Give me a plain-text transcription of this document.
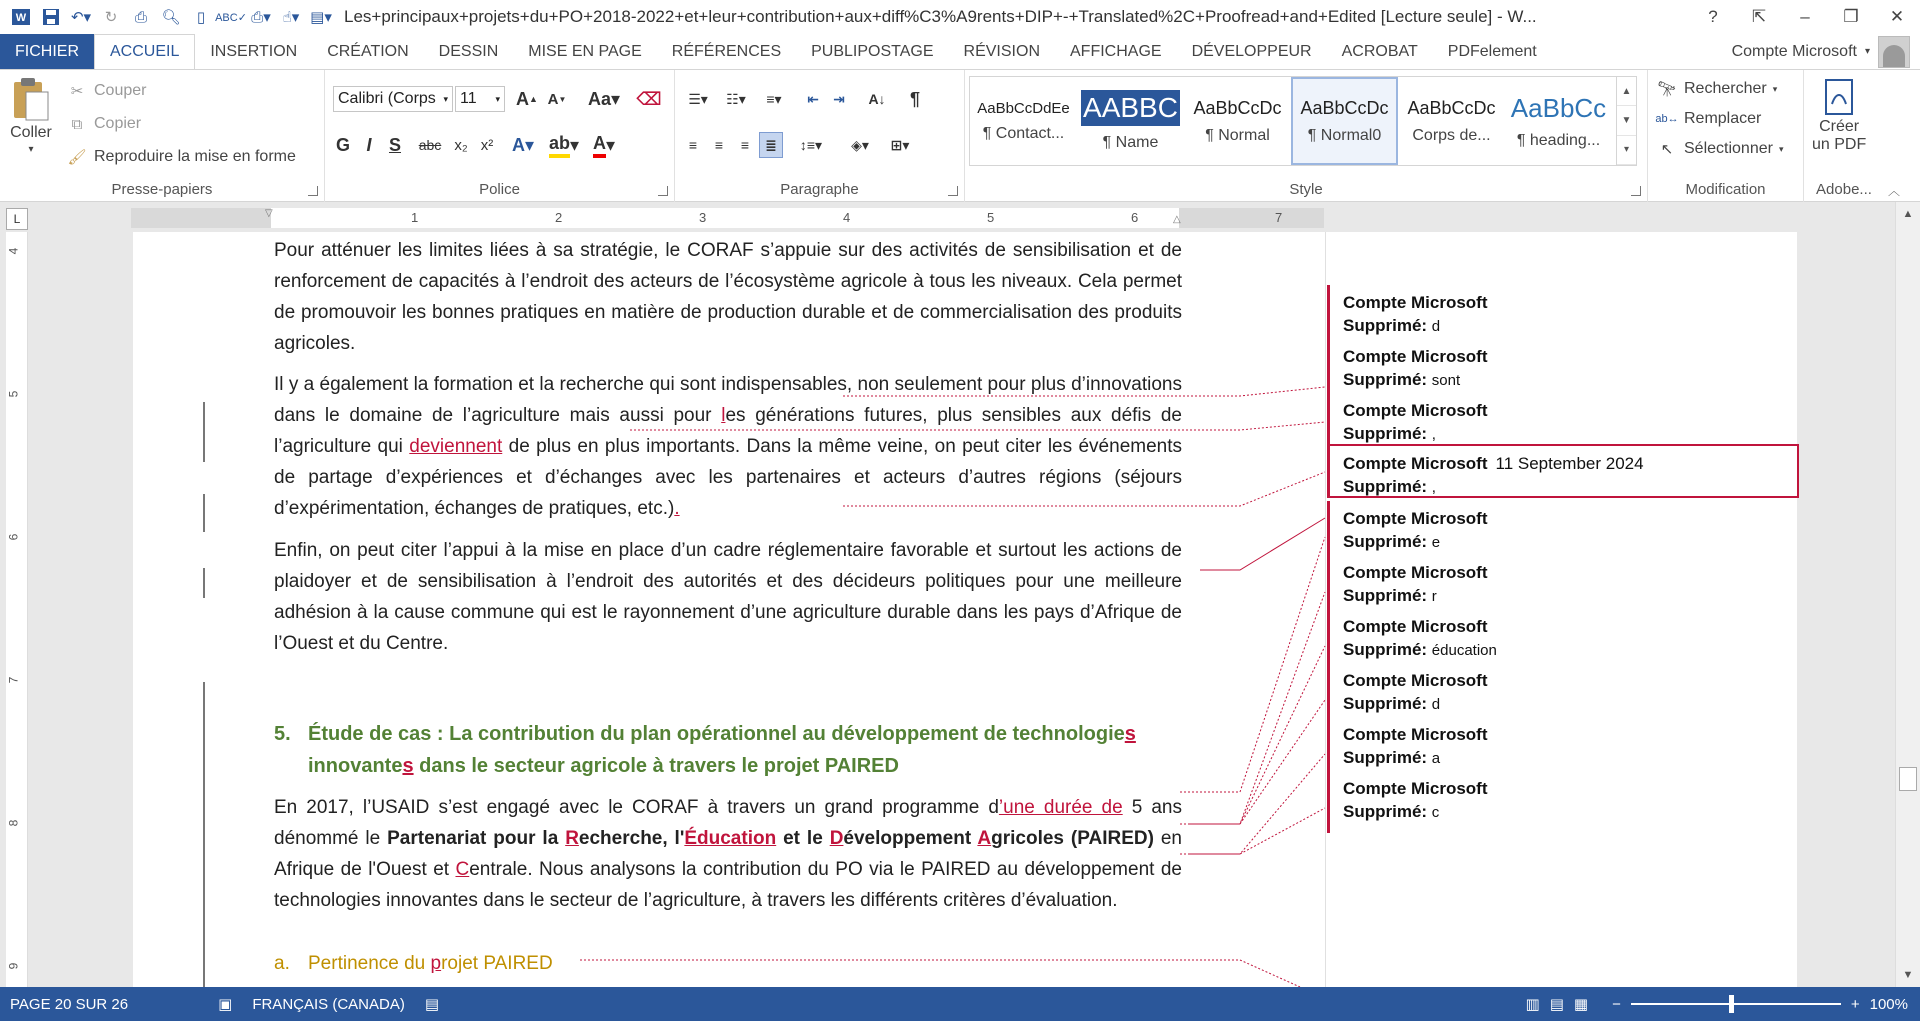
W	↶▾ ↻	⎙ 🔍︎	▯ ABC✓ ⎙▾ ☝▾ ▤▾ Les+principaux+projets+du+PO+2018-2022+et+leur+contribution+aux+diff%C3%A9rents+DIP+-+Translated%2C+Proofread+and+Edited [Lecture seule] - W...	?	⇱	–	❐	✕
FICHIER	ACCUEIL	INSERTION	CRÉATION	DESSIN	MISE EN PAGE	RÉFÉRENCES	PUBLIPOSTAGE	RÉVISION	AFFICHAGE	DÉVELOPPEUR	ACROBAT	PDFelement	Compte Microsoft ▾
Coller
▾
✂ Couper
⧉ Copier
🖌︎ Reproduire la mise en forme
Presse-papiers
Calibri (Corps ▾ 11 ▾ A ▲ A ▼ Aa▾ ⌫
G I S	abc x₂ x²	A▾ ab ▾ A ▾
Police
☰▾	☷▾	≡▾	⇤	⇥	A↓	¶
≡	≡	≡	≣	↕≡▾	◈▾	⊞▾
Paragraphe
AaBbCcDdEe
¶ Contact...
AABBC
¶ Name
AaBbCcDc
¶ Normal
AaBbCcDc
¶ Normal0
AaBbCcDc
Corps de...
AaBbCc
¶ heading...
▲
▼
▾
Style
🔭︎ Rechercher ▾
ab↔ Remplacer
↖ Sélectionner ▾
Modification
Créer
un PDF
Adobe...	︿
L	1	2	3	4	5	6	7
▽
△
4
5
6
7
8
9

Pour atténuer les limites liées à sa stratégie, le CORAF s’appuie sur des activités de sensibilisation et de renforcement de capacités à l’endroit des acteurs de l’écosystème agricole à tous les niveaux. Cela permet de promouvoir les bonnes pratiques en matière de production durable et de commercialisation des produits agricoles.

Il y a également la formation et la recherche qui sont indispensables, non seulement pour plus d’innovations dans le domaine de l’agriculture mais aussi pour les générations futures, plus sensibles aux défis de l’agriculture qui deviennent de plus en plus importants. Dans la même veine, on peut citer les événements de partage d’expériences et d’échanges avec les partenaires et acteurs d’autres régions (séjours d’expérimentation, échanges de pratiques, etc.).

Enfin, on peut citer l’appui à la mise en place d’un cadre réglementaire favorable et surtout les actions de plaidoyer et de sensibilisation à l’endroit des autorités et des décideurs politiques pour une meilleure adhésion à la cause commune qui est le rayonnement d’une agriculture durable dans les pays d’Afrique de l’Ouest et du Centre.

5. Étude de cas : La contribution du plan opérationnel au développement de technologies
innovantes dans le secteur agricole à travers le projet PAIRED

En 2017, l’USAID s’est engagé avec le CORAF à travers un grand programme d’une durée de 5 ans dénommé le Partenariat pour la Recherche, l'Éducation et le Développement Agricoles (PAIRED) en Afrique de l'Ouest et Centrale. Nous analysons la contribution du PO via le PAIRED au développement de technologies innovantes dans le secteur de l’agriculture, à travers les différents critères d’évaluation.

a. Pertinence du projet PAIRED
Compte Microsoft
Supprimé: d
Compte Microsoft
Supprimé: sont
Compte Microsoft
Supprimé: ,
Compte Microsoft 11 September 2024
Supprimé: ,
Compte Microsoft
Supprimé: e
Compte Microsoft
Supprimé: r
Compte Microsoft
Supprimé: éducation
Compte Microsoft
Supprimé: d
Compte Microsoft
Supprimé: a
Compte Microsoft
Supprimé: c
▲
▼
PAGE 20 SUR 26	▣	FRANÇAIS (CANADA)	▤	▥ ▤ ▦ −	+ 100%
